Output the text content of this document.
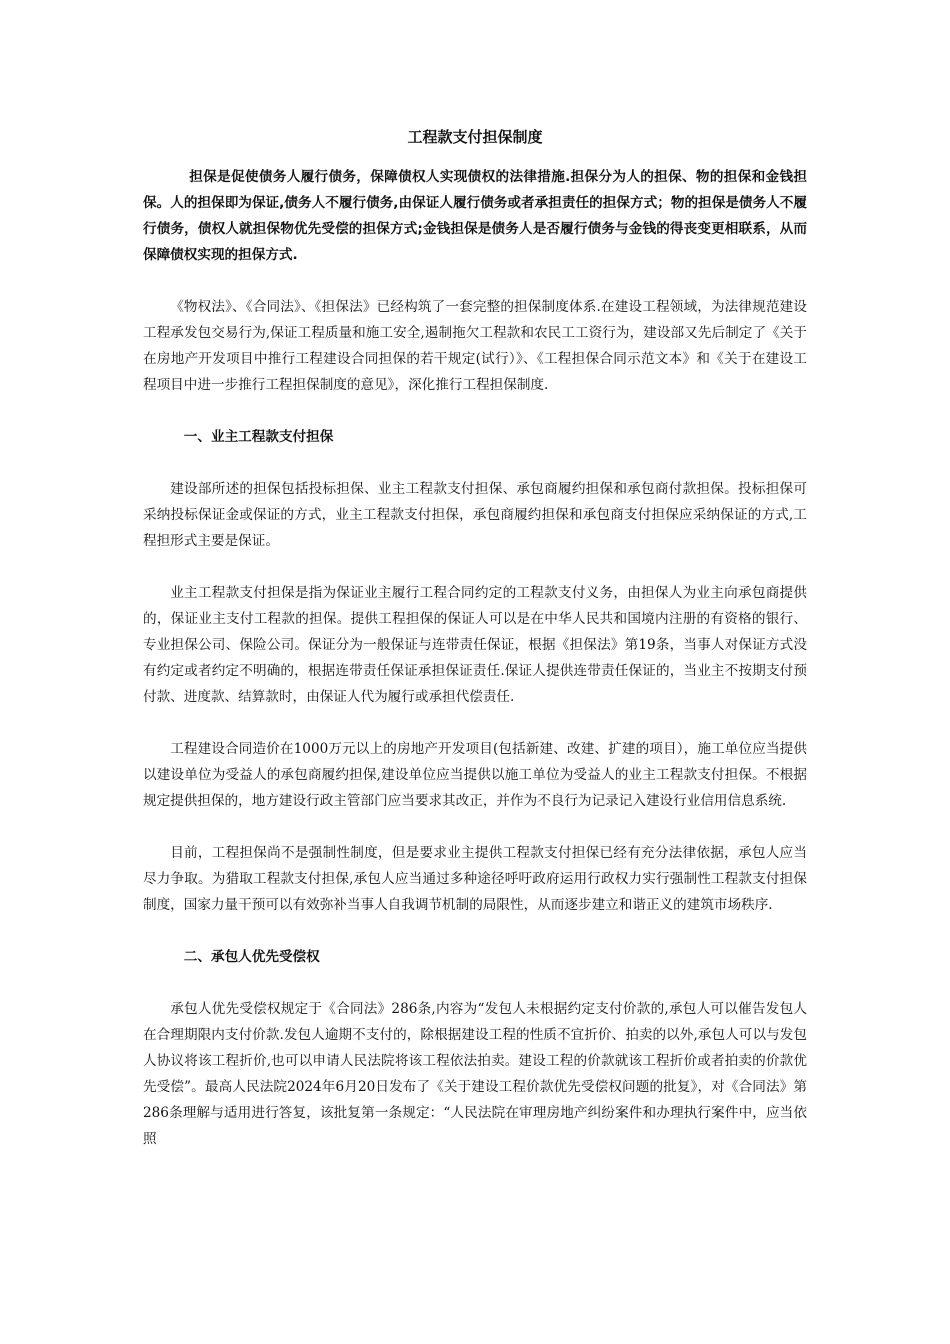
工程款支付担保制度

担保是促使债务人履行债务，保障债权人实现债权的法律措施.担保分为人的担保、物的担保和金钱担保。人的担保即为保证,债务人不履行债务,由保证人履行债务或者承担责任的担保方式；物的担保是债务人不履行债务，债权人就担保物优先受偿的担保方式;金钱担保是债务人是否履行债务与金钱的得丧变更相联系，从而保障债权实现的担保方式.

《物权法》、《合同法》、《担保法》已经构筑了一套完整的担保制度体系.在建设工程领域，为法律规范建设工程承发包交易行为,保证工程质量和施工安全,遏制拖欠工程款和农民工工资行为，建设部又先后制定了《关于在房地产开发项目中推行工程建设合同担保的若干规定(试行）》、《工程担保合同示范文本》和《关于在建设工程项目中进一步推行工程担保制度的意见》，深化推行工程担保制度.

一、业主工程款支付担保

建设部所述的担保包括投标担保、业主工程款支付担保、承包商履约担保和承包商付款担保。投标担保可采纳投标保证金或保证的方式，业主工程款支付担保，承包商履约担保和承包商支付担保应采纳保证的方式,工程担形式主要是保证。

业主工程款支付担保是指为保证业主履行工程合同约定的工程款支付义务，由担保人为业主向承包商提供的，保证业主支付工程款的担保。提供工程担保的保证人可以是在中华人民共和国境内注册的有资格的银行、专业担保公司、保险公司。保证分为一般保证与连带责任保证，根据《担保法》第19条，当事人对保证方式没有约定或者约定不明确的，根据连带责任保证承担保证责任.保证人提供连带责任保证的，当业主不按期支付预付款、进度款、结算款时，由保证人代为履行或承担代偿责任.

工程建设合同造价在1000万元以上的房地产开发项目(包括新建、改建、扩建的项目），施工单位应当提供以建设单位为受益人的承包商履约担保,建设单位应当提供以施工单位为受益人的业主工程款支付担保。不根据规定提供担保的，地方建设行政主管部门应当要求其改正，并作为不良行为记录记入建设行业信用信息系统.

目前，工程担保尚不是强制性制度，但是要求业主提供工程款支付担保已经有充分法律依据，承包人应当尽力争取。为猎取工程款支付担保,承包人应当通过多种途径呼吁政府运用行政权力实行强制性工程款支付担保制度，国家力量干预可以有效弥补当事人自我调节机制的局限性，从而逐步建立和谐正义的建筑市场秩序.

二、承包人优先受偿权

承包人优先受偿权规定于《合同法》286条,内容为“发包人未根据约定支付价款的,承包人可以催告发包人在合理期限内支付价款.发包人逾期不支付的，除根据建设工程的性质不宜折价、拍卖的以外,承包人可以与发包人协议将该工程折价,也可以申请人民法院将该工程依法拍卖。建设工程的价款就该工程折价或者拍卖的价款优先受偿”。最高人民法院2024年6月20日发布了《关于建设工程价款优先受偿权问题的批复》，对《合同法》第286条理解与适用进行答复，该批复第一条规定：“人民法院在审理房地产纠纷案件和办理执行案件中，应当依照
